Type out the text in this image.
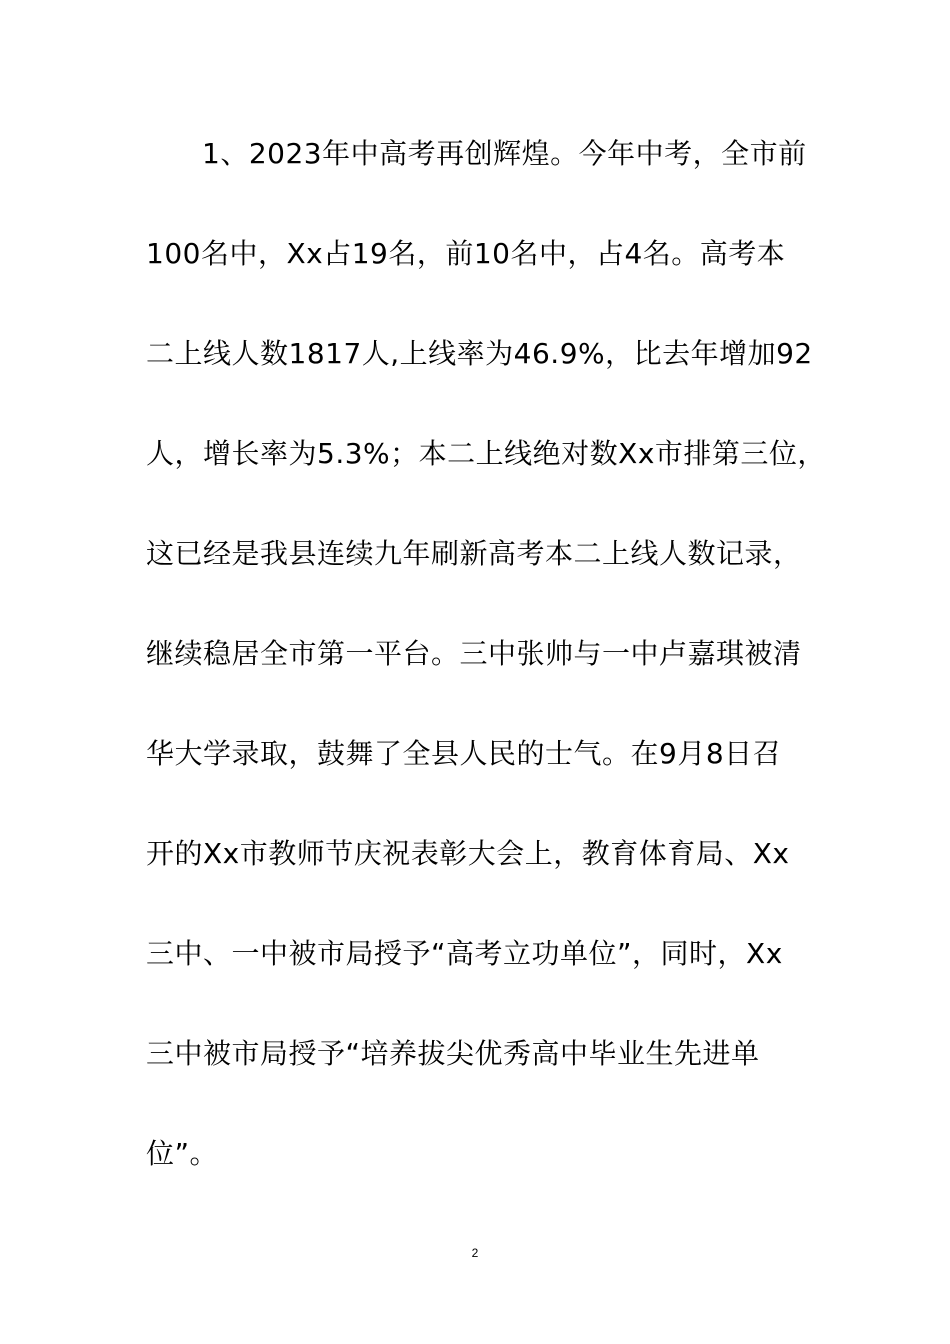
1、2023年中高考再创辉煌。今年中考，全市前
100名中，Xx占19名，前10名中，占4名。高考本
二上线人数1817人,上线率为46.9%，比去年增加92
人，增长率为5.3%；本二上线绝对数Xx市排第三位，
这已经是我县连续九年刷新高考本二上线人数记录，
继续稳居全市第一平台。三中张帅与一中卢嘉琪被清
华大学录取，鼓舞了全县人民的士气。在9月8日召
开的Xx市教师节庆祝表彰大会上，教育体育局、Xx
三中、一中被市局授予“高考立功单位”，同时，Xx
三中被市局授予“培养拔尖优秀高中毕业生先进单
位”。
2
